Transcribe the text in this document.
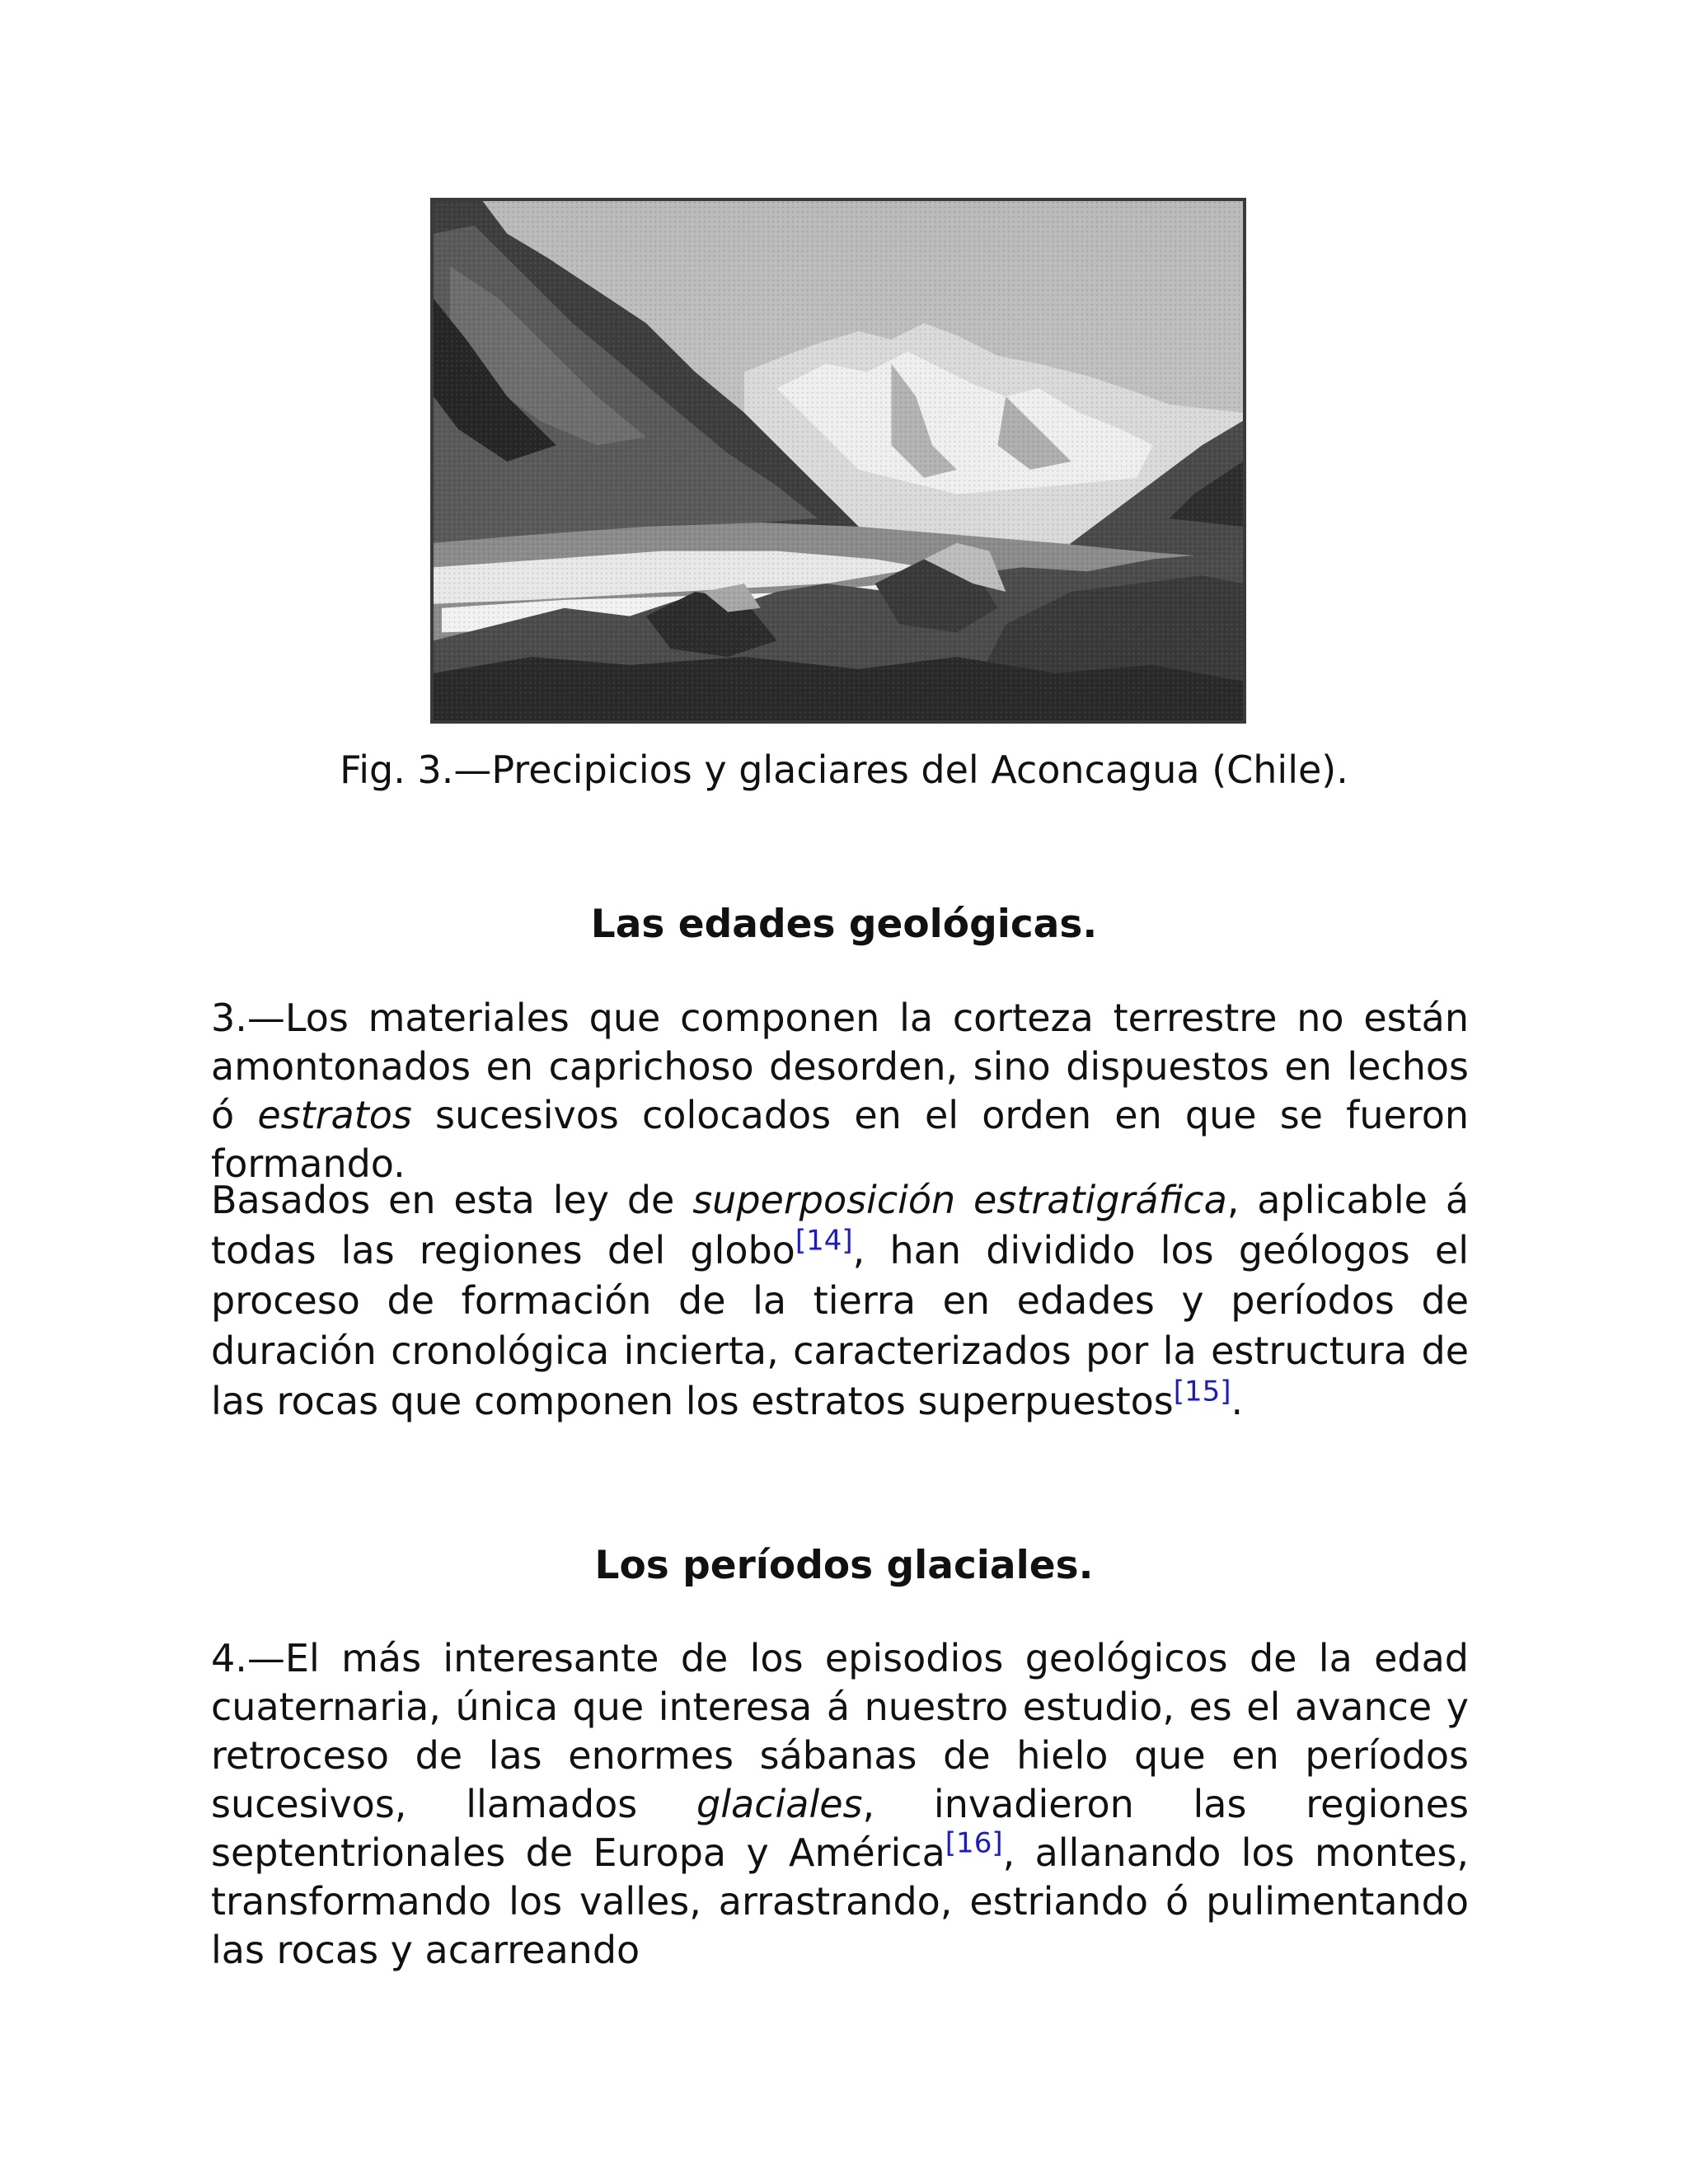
Fig. 3.—Precipicios y glaciares del Aconcagua (Chile).
Las edades geológicas.

3.—Los materiales que componen la corteza terrestre no están amontonados en caprichoso desorden, sino dispuestos en lechos ó estratos sucesivos colocados en el orden en que se fueron formando.

Basados en esta ley de superposición estratigráfica, aplicable á todas las regiones del globo[14], han dividido los geólogos el proceso de formación de la tierra en edades y períodos de duración cronológica incierta, caracterizados por la estructura de las rocas que componen los estratos superpuestos[15].

Los períodos glaciales.

4.—El más interesante de los episodios geológicos de la edad cuaternaria, única que interesa á nuestro estudio, es el avance y retroceso de las enormes sábanas de hielo que en períodos sucesivos, llamados glaciales, invadieron las regiones septentrionales de Europa y América[16], allanando los montes, transformando los valles, arrastrando, estriando ó pulimentando las rocas y acarreando
